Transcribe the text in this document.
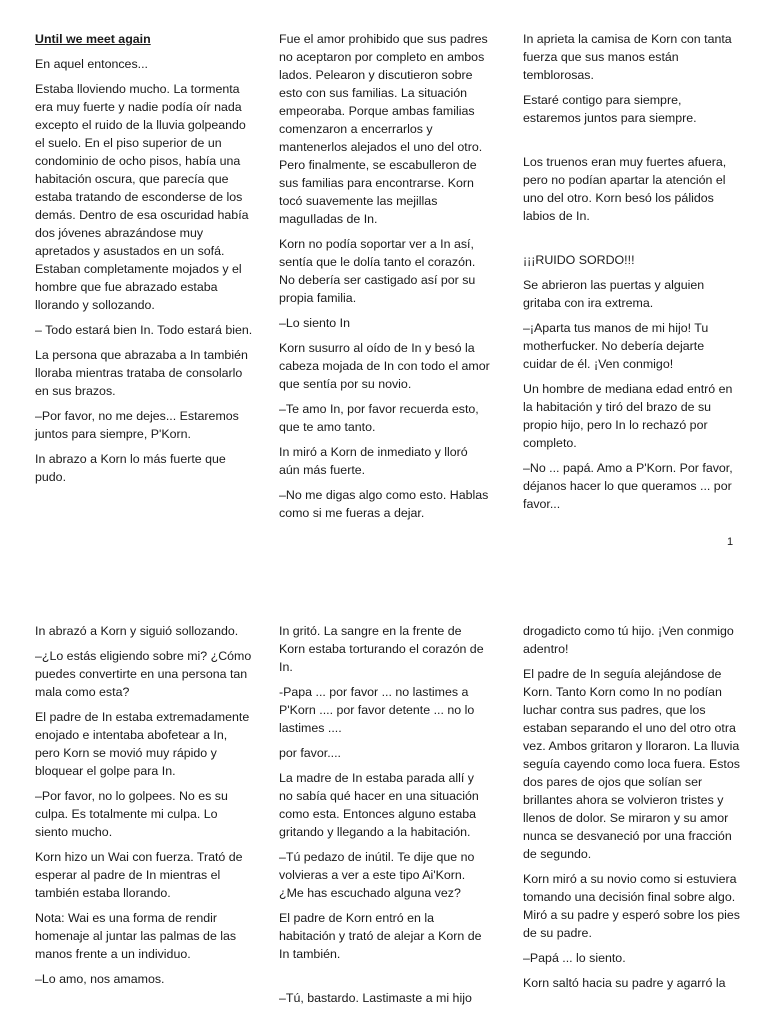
Until we meet again

En aquel entonces...

Estaba lloviendo mucho. La tormenta era muy fuerte y nadie podía oír nada excepto el ruido de la lluvia golpeando el suelo. En el piso superior de un condominio de ocho pisos, había una habitación oscura, que parecía que estaba tratando de esconderse de los demás. Dentro de esa oscuridad había dos jóvenes abrazándose muy apretados y asustados en un sofá. Estaban completamente mojados y el hombre que fue abrazado estaba llorando y sollozando.

– Todo estará bien In. Todo estará bien.

La persona que abrazaba a In también lloraba mientras trataba de consolarlo en sus brazos.

–Por favor, no me dejes... Estaremos juntos para siempre, P'Korn.

In abrazo a Korn lo más fuerte que pudo.

Fue el amor prohibido que sus padres no aceptaron por completo en ambos lados. Pelearon y discutieron sobre esto con sus familias. La situación empeoraba. Porque ambas familias comenzaron a encerrarlos y mantenerlos alejados el uno del otro. Pero finalmente, se escabulleron de sus familias para encontrarse. Korn tocó suavemente las mejillas maguIladas de In.

Korn no podía soportar ver a In así, sentía que le dolía tanto el corazón. No debería ser castigado así por su propia familia.

–Lo siento In

Korn susurro al oído de In y besó la cabeza mojada de In con todo el amor que sentía por su novio.

–Te amo In, por favor recuerda esto, que te amo tanto.

In miró a Korn de inmediato y lloró aún más fuerte.

–No me digas algo como esto. Hablas como si me fueras a dejar.

In aprieta la camisa de Korn con tanta fuerza que sus manos están temblorosas.

Estaré contigo para siempre, estaremos juntos para siempre.

Los truenos eran muy fuertes afuera, pero no podían apartar la atención el uno del otro. Korn besó los pálidos labios de In.

¡¡¡RUIDO SORDO!!!

Se abrieron las puertas y alguien gritaba con ira extrema.

–¡Aparta tus manos de mi hijo! Tu motherfucker. No debería dejarte cuidar de él. ¡Ven conmigo!

Un hombre de mediana edad entró en la habitación y tiró del brazo de su propio hijo, pero In lo rechazó por completo.

–No ... papá. Amo a P'Korn. Por favor, déjanos hacer lo que queramos ... por favor...

1

In abrazó a Korn y siguió sollozando.

–¿Lo estás eligiendo sobre mi? ¿Cómo puedes convertirte en una persona tan mala como esta?

El padre de In estaba extremadamente enojado e intentaba abofetear a In, pero Korn se movió muy rápido y bloquear el golpe para In.

–Por favor, no lo golpees. No es su culpa. Es totalmente mi culpa. Lo siento mucho.

Korn hizo un Wai con fuerza. Trató de esperar al padre de In mientras el también estaba llorando.

Nota: Wai es una forma de rendir homenaje al juntar las palmas de las manos frente a un individuo.

–Lo amo, nos amamos.

In gritó. La sangre en la frente de Korn estaba torturando el corazón de In.

-Papa ... por favor ... no lastimes a P'Korn .... por favor detente ... no lo lastimes ....

por favor....

La madre de In estaba parada allí y no sabía qué hacer en una situación como esta. Entonces alguno estaba gritando y llegando a la habitación.

–Tú pedazo de inútil. Te dije que no volvieras a ver a este tipo Ai'Korn. ¿Me has escuchado alguna vez?

El padre de Korn entró en la habitación y trató de alejar a Korn de In también.

–Tú, bastardo. Lastimaste a mi hijo

drogadicto como tú hijo. ¡Ven conmigo adentro!

El padre de In seguía alejándose de Korn. Tanto Korn como In no podían luchar contra sus padres, que los estaban separando el uno del otro otra vez. Ambos gritaron y lloraron. La lluvia seguía cayendo como loca fuera. Estos dos pares de ojos que solían ser brillantes ahora se volvieron tristes y llenos de dolor. Se miraron y su amor nunca se desvaneció por una fracción de segundo.

Korn miró a su novio como si estuviera tomando una decisión final sobre algo. Miró a su padre y esperó sobre los pies de su padre.

–Papá ... lo siento.

Korn saltó hacia su padre y agarró la
